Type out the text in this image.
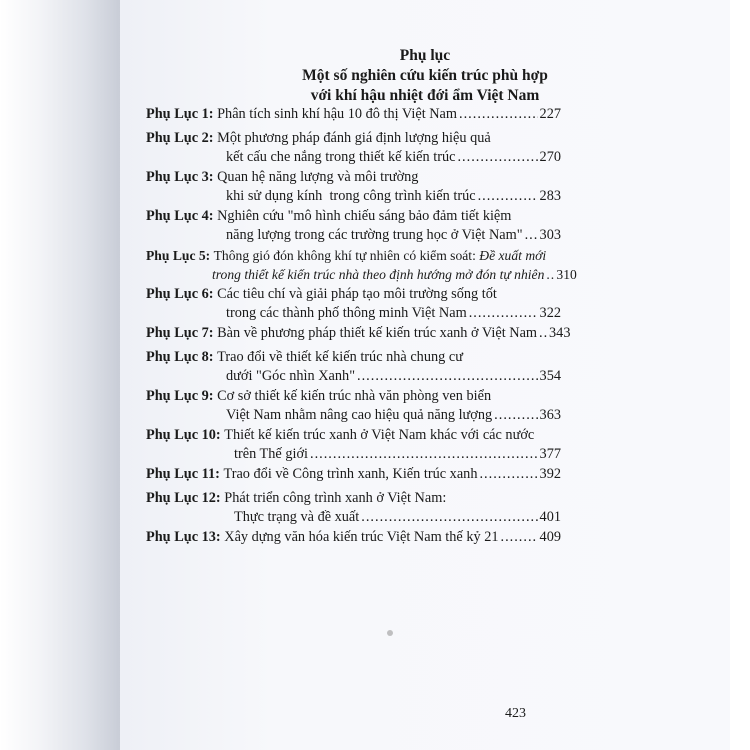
Phụ lục
Một số nghiên cứu kiến trúc phù hợp
với khí hậu nhiệt đới ẩm Việt Nam
Phụ Lục 1:
Phân tích sinh khí hậu 10 đô thị Việt Nam .....	227
Phụ Lục 2:
Một phương pháp đánh giá định lượng hiệu quả
kết cấu che nắng trong thiết kế kiến trúc .....	270
Phụ Lục 3:
Quan hệ năng lượng và môi trường
khi sử dụng kính  trong công trình kiến trúc .....	283
Phụ Lục 4:
Nghiên cứu "mô hình chiếu sáng bảo đảm tiết kiệm
năng lượng trong các trường trung học ở Việt Nam" ..... 303
Phụ Lục 5:
Thông gió đón không khí tự nhiên có kiểm soát:
Đề xuất mới
trong thiết kế kiến trúc nhà theo định hướng mở đón tự nhiên ..... 310
Phụ Lục 6:
Các tiêu chí và giải pháp tạo môi trường sống tốt
trong các thành phố thông minh Việt Nam .....	322
Phụ Lục 7:
Bàn về phương pháp thiết kế kiến trúc xanh ở Việt Nam ..... 343
Phụ Lục 8:
Trao đổi về thiết kế kiến trúc nhà chung cư
dưới "Góc nhìn Xanh" .....	354
Phụ Lục 9:
Cơ sở thiết kế kiến trúc nhà văn phòng ven biển
Việt Nam nhằm nâng cao hiệu quả năng lượng .....	363
Phụ Lục 10:
Thiết kế kiến trúc xanh ở Việt Nam khác với các nước
trên Thế giới .....	377
Phụ Lục 11:
Trao đổi về Công trình xanh, Kiến trúc xanh .....	392
Phụ Lục 12:
Phát triển công trình xanh ở Việt Nam:
Thực trạng và đề xuất .....	401
Phụ Lục 13:
Xây dựng văn hóa kiến trúc Việt Nam thế kỷ 21 .....	409
423
